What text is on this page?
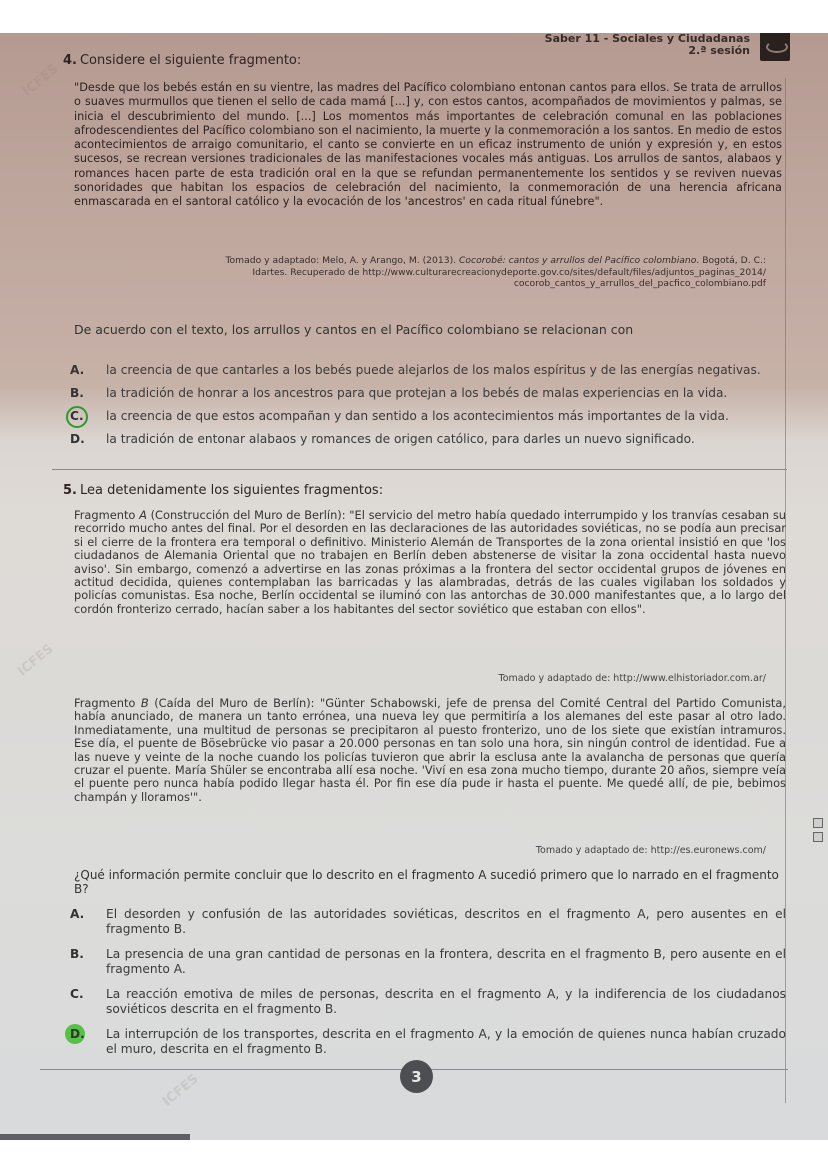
ICFES
ICFES
ICFES
Saber 11 - Sociales y Ciudadanas
2.ª sesión
4. Considere el siguiente fragmento:
"Desde que los bebés están en su vientre, las madres del Pacífico colombiano entonan cantos para ellos. Se trata de arrullos o suaves murmullos que tienen el sello de cada mamá [...] y, con estos cantos, acompañados de movimientos y palmas, se inicia el descubrimiento del mundo. [...] Los momentos más importantes de celebración comunal en las poblaciones afrodescendientes del Pacífico colombiano son el nacimiento, la muerte y la conmemoración a los santos. En medio de estos acontecimientos de arraigo comunitario, el canto se convierte en un eficaz instrumento de unión y expresión y, en estos sucesos, se recrean versiones tradicionales de las manifestaciones vocales más antiguas. Los arrullos de santos, alabaos y romances hacen parte de esta tradición oral en la que se refundan permanentemente los sentidos y se reviven nuevas sonoridades que habitan los espacios de celebración del nacimiento, la conmemoración de una herencia africana enmascarada en el santoral católico y la evocación de los 'ancestros' en cada ritual fúnebre".
Tomado y adaptado: Melo, A. y Arango, M. (2013). Cocorobé: cantos y arrullos del Pacífico colombiano. Bogotá, D. C.:
Idartes. Recuperado de http://www.culturarecreacionydeporte.gov.co/sites/default/files/adjuntos_paginas_2014/
cocorob_cantos_y_arrullos_del_pacfico_colombiano.pdf
De acuerdo con el texto, los arrullos y cantos en el Pacífico colombiano se relacionan con
A.	la creencia de que cantarles a los bebés puede alejarlos de los malos espíritus y de las energías negativas.
B.	la tradición de honrar a los ancestros para que protejan a los bebés de malas experiencias en la vida.
C.	la creencia de que estos acompañan y dan sentido a los acontecimientos más importantes de la vida.
D.	la tradición de entonar alabaos y romances de origen católico, para darles un nuevo significado.
5. Lea detenidamente los siguientes fragmentos:
Fragmento A (Construcción del Muro de Berlín): "El servicio del metro había quedado interrumpido y los tranvías cesaban su recorrido mucho antes del final. Por el desorden en las declaraciones de las autoridades soviéticas, no se podía aun precisar si el cierre de la frontera era temporal o definitivo. Ministerio Alemán de Transportes de la zona oriental insistió en que 'los ciudadanos de Alemania Oriental que no trabajen en Berlín deben abstenerse de visitar la zona occidental hasta nuevo aviso'. Sin embargo, comenzó a advertirse en las zonas próximas a la frontera del sector occidental grupos de jóvenes en actitud decidida, quienes contemplaban las barricadas y las alambradas, detrás de las cuales vigilaban los soldados y policías comunistas. Esa noche, Berlín occidental se iluminó con las antorchas de 30.000 manifestantes que, a lo largo del cordón fronterizo cerrado, hacían saber a los habitantes del sector soviético que estaban con ellos".
Tomado y adaptado de: http://www.elhistoriador.com.ar/
Fragmento B (Caída del Muro de Berlín): "Günter Schabowski, jefe de prensa del Comité Central del Partido Comunista, había anunciado, de manera un tanto errónea, una nueva ley que permitiría a los alemanes del este pasar al otro lado. Inmediatamente, una multitud de personas se precipitaron al puesto fronterizo, uno de los siete que existían intramuros. Ese día, el puente de Bösebrücke vio pasar a 20.000 personas en tan solo una hora, sin ningún control de identidad. Fue a las nueve y veinte de la noche cuando los policías tuvieron que abrir la esclusa ante la avalancha de personas que quería cruzar el puente. María Shüler se encontraba allí esa noche. 'Viví en esa zona mucho tiempo, durante 20 años, siempre veía el puente pero nunca había podido llegar hasta él. Por fin ese día pude ir hasta el puente. Me quedé allí, de pie, bebimos champán y lloramos'".
Tomado y adaptado de: http://es.euronews.com/
¿Qué información permite concluir que lo descrito en el fragmento A sucedió primero que lo narrado en el fragmento B?
A.	El desorden y confusión de las autoridades soviéticas, descritos en el fragmento A, pero ausentes en el fragmento B.
B.	La presencia de una gran cantidad de personas en la frontera, descrita en el fragmento B, pero ausente en el fragmento A.
C.	La reacción emotiva de miles de personas, descrita en el fragmento A, y la indiferencia de los ciudadanos soviéticos descrita en el fragmento B.
D.	La interrupción de los transportes, descrita en el fragmento A, y la emoción de quienes nunca habían cruzado el muro, descrita en el fragmento B.
3
